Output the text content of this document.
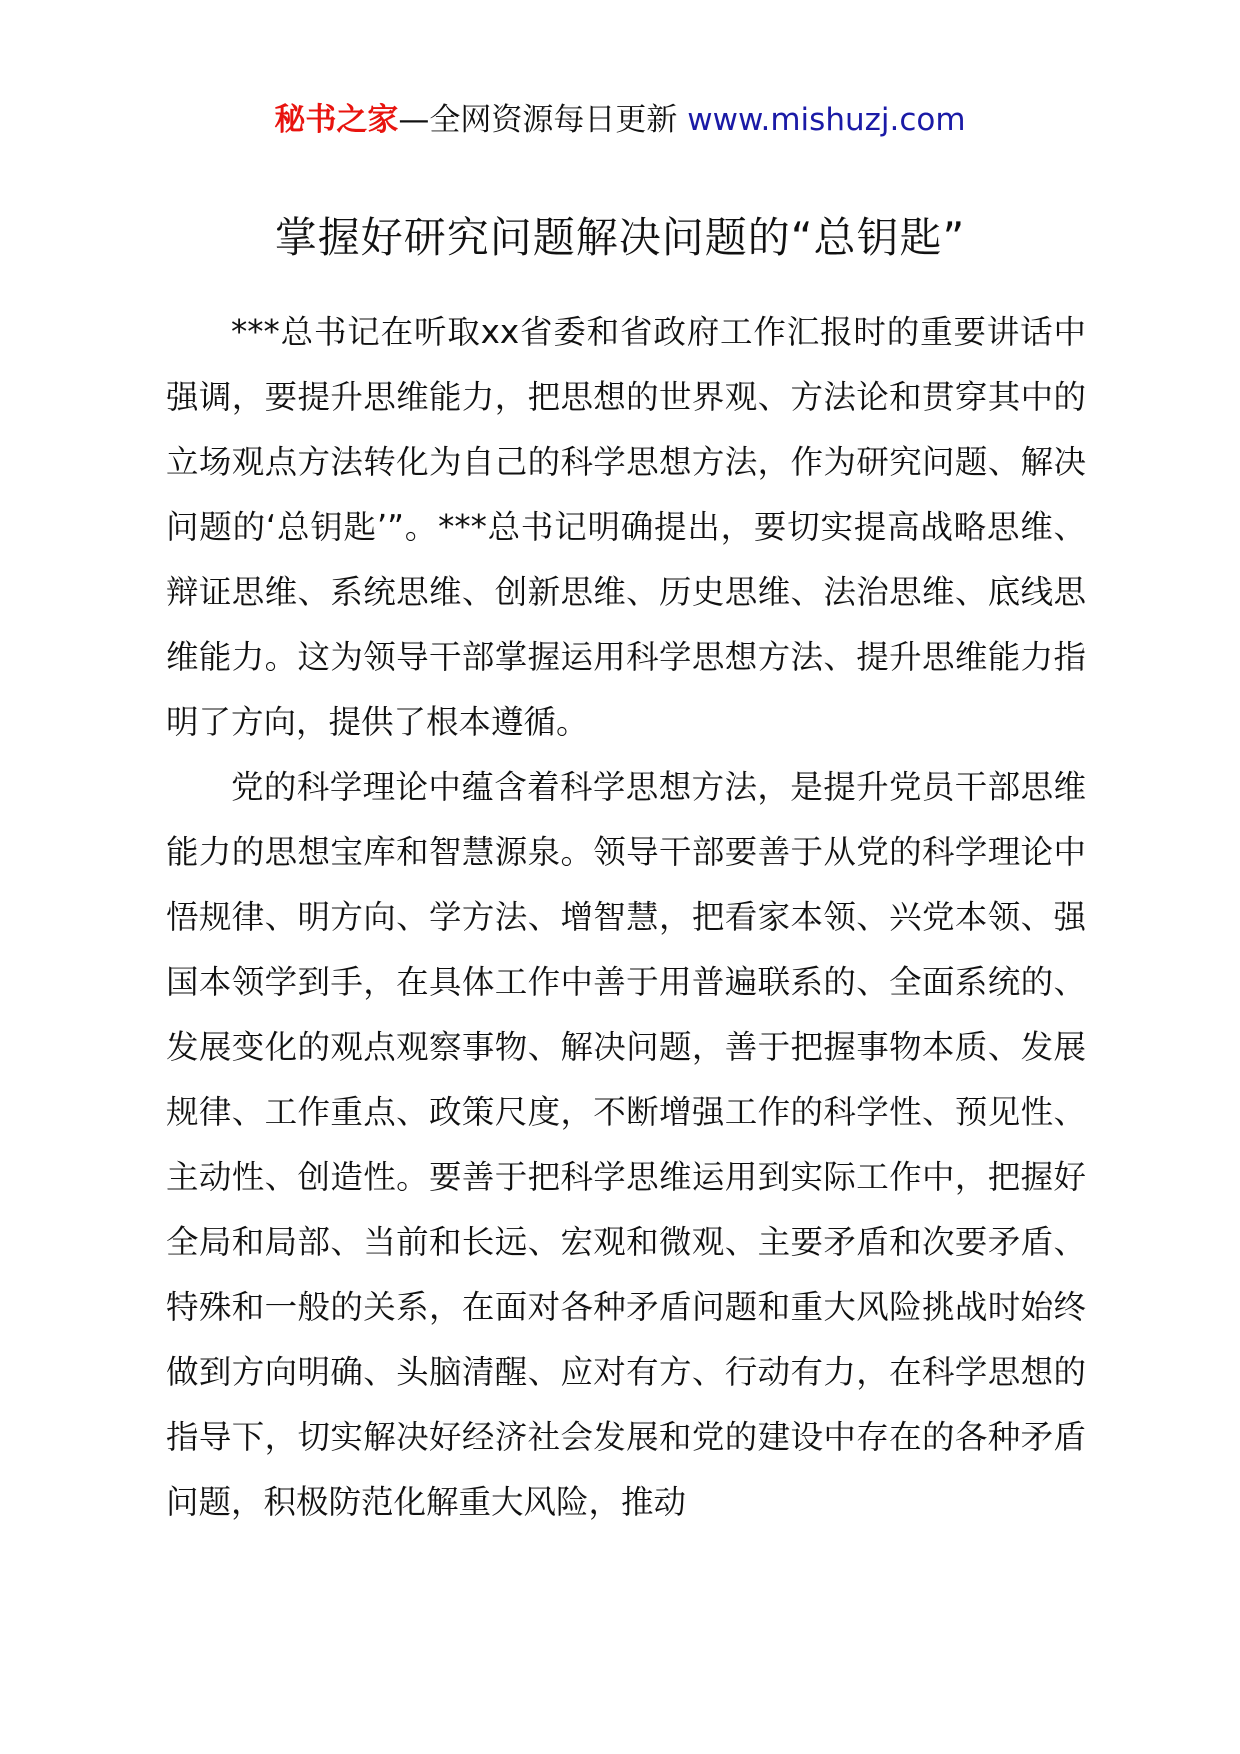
秘书之家—全网资源每日更新 www.mishuzj.com
掌握好研究问题解决问题的“总钥匙”

***总书记在听取xx省委和省政府工作汇报时的重要讲话中强调，要提升思维能力，把思想的世界观、方法论和贯穿其中的立场观点方法转化为自己的科学思想方法，作为研究问题、解决问题的‘总钥匙’”。***总书记明确提出，要切实提高战略思维、辩证思维、系统思维、创新思维、历史思维、法治思维、底线思维能力。这为领导干部掌握运用科学思想方法、提升思维能力指明了方向，提供了根本遵循。

党的科学理论中蕴含着科学思想方法，是提升党员干部思维能力的思想宝库和智慧源泉。领导干部要善于从党的科学理论中悟规律、明方向、学方法、增智慧，把看家本领、兴党本领、强国本领学到手，在具体工作中善于用普遍联系的、全面系统的、发展变化的观点观察事物、解决问题，善于把握事物本质、发展规律、工作重点、政策尺度，不断增强工作的科学性、预见性、主动性、创造性。要善于把科学思维运用到实际工作中，把握好全局和局部、当前和长远、宏观和微观、主要矛盾和次要矛盾、特殊和一般的关系，在面对各种矛盾问题和重大风险挑战时始终做到方向明确、头脑清醒、应对有方、行动有力，在科学思想的指导下，切实解决好经济社会发展和党的建设中存在的各种矛盾问题，积极防范化解重大风险，推动
